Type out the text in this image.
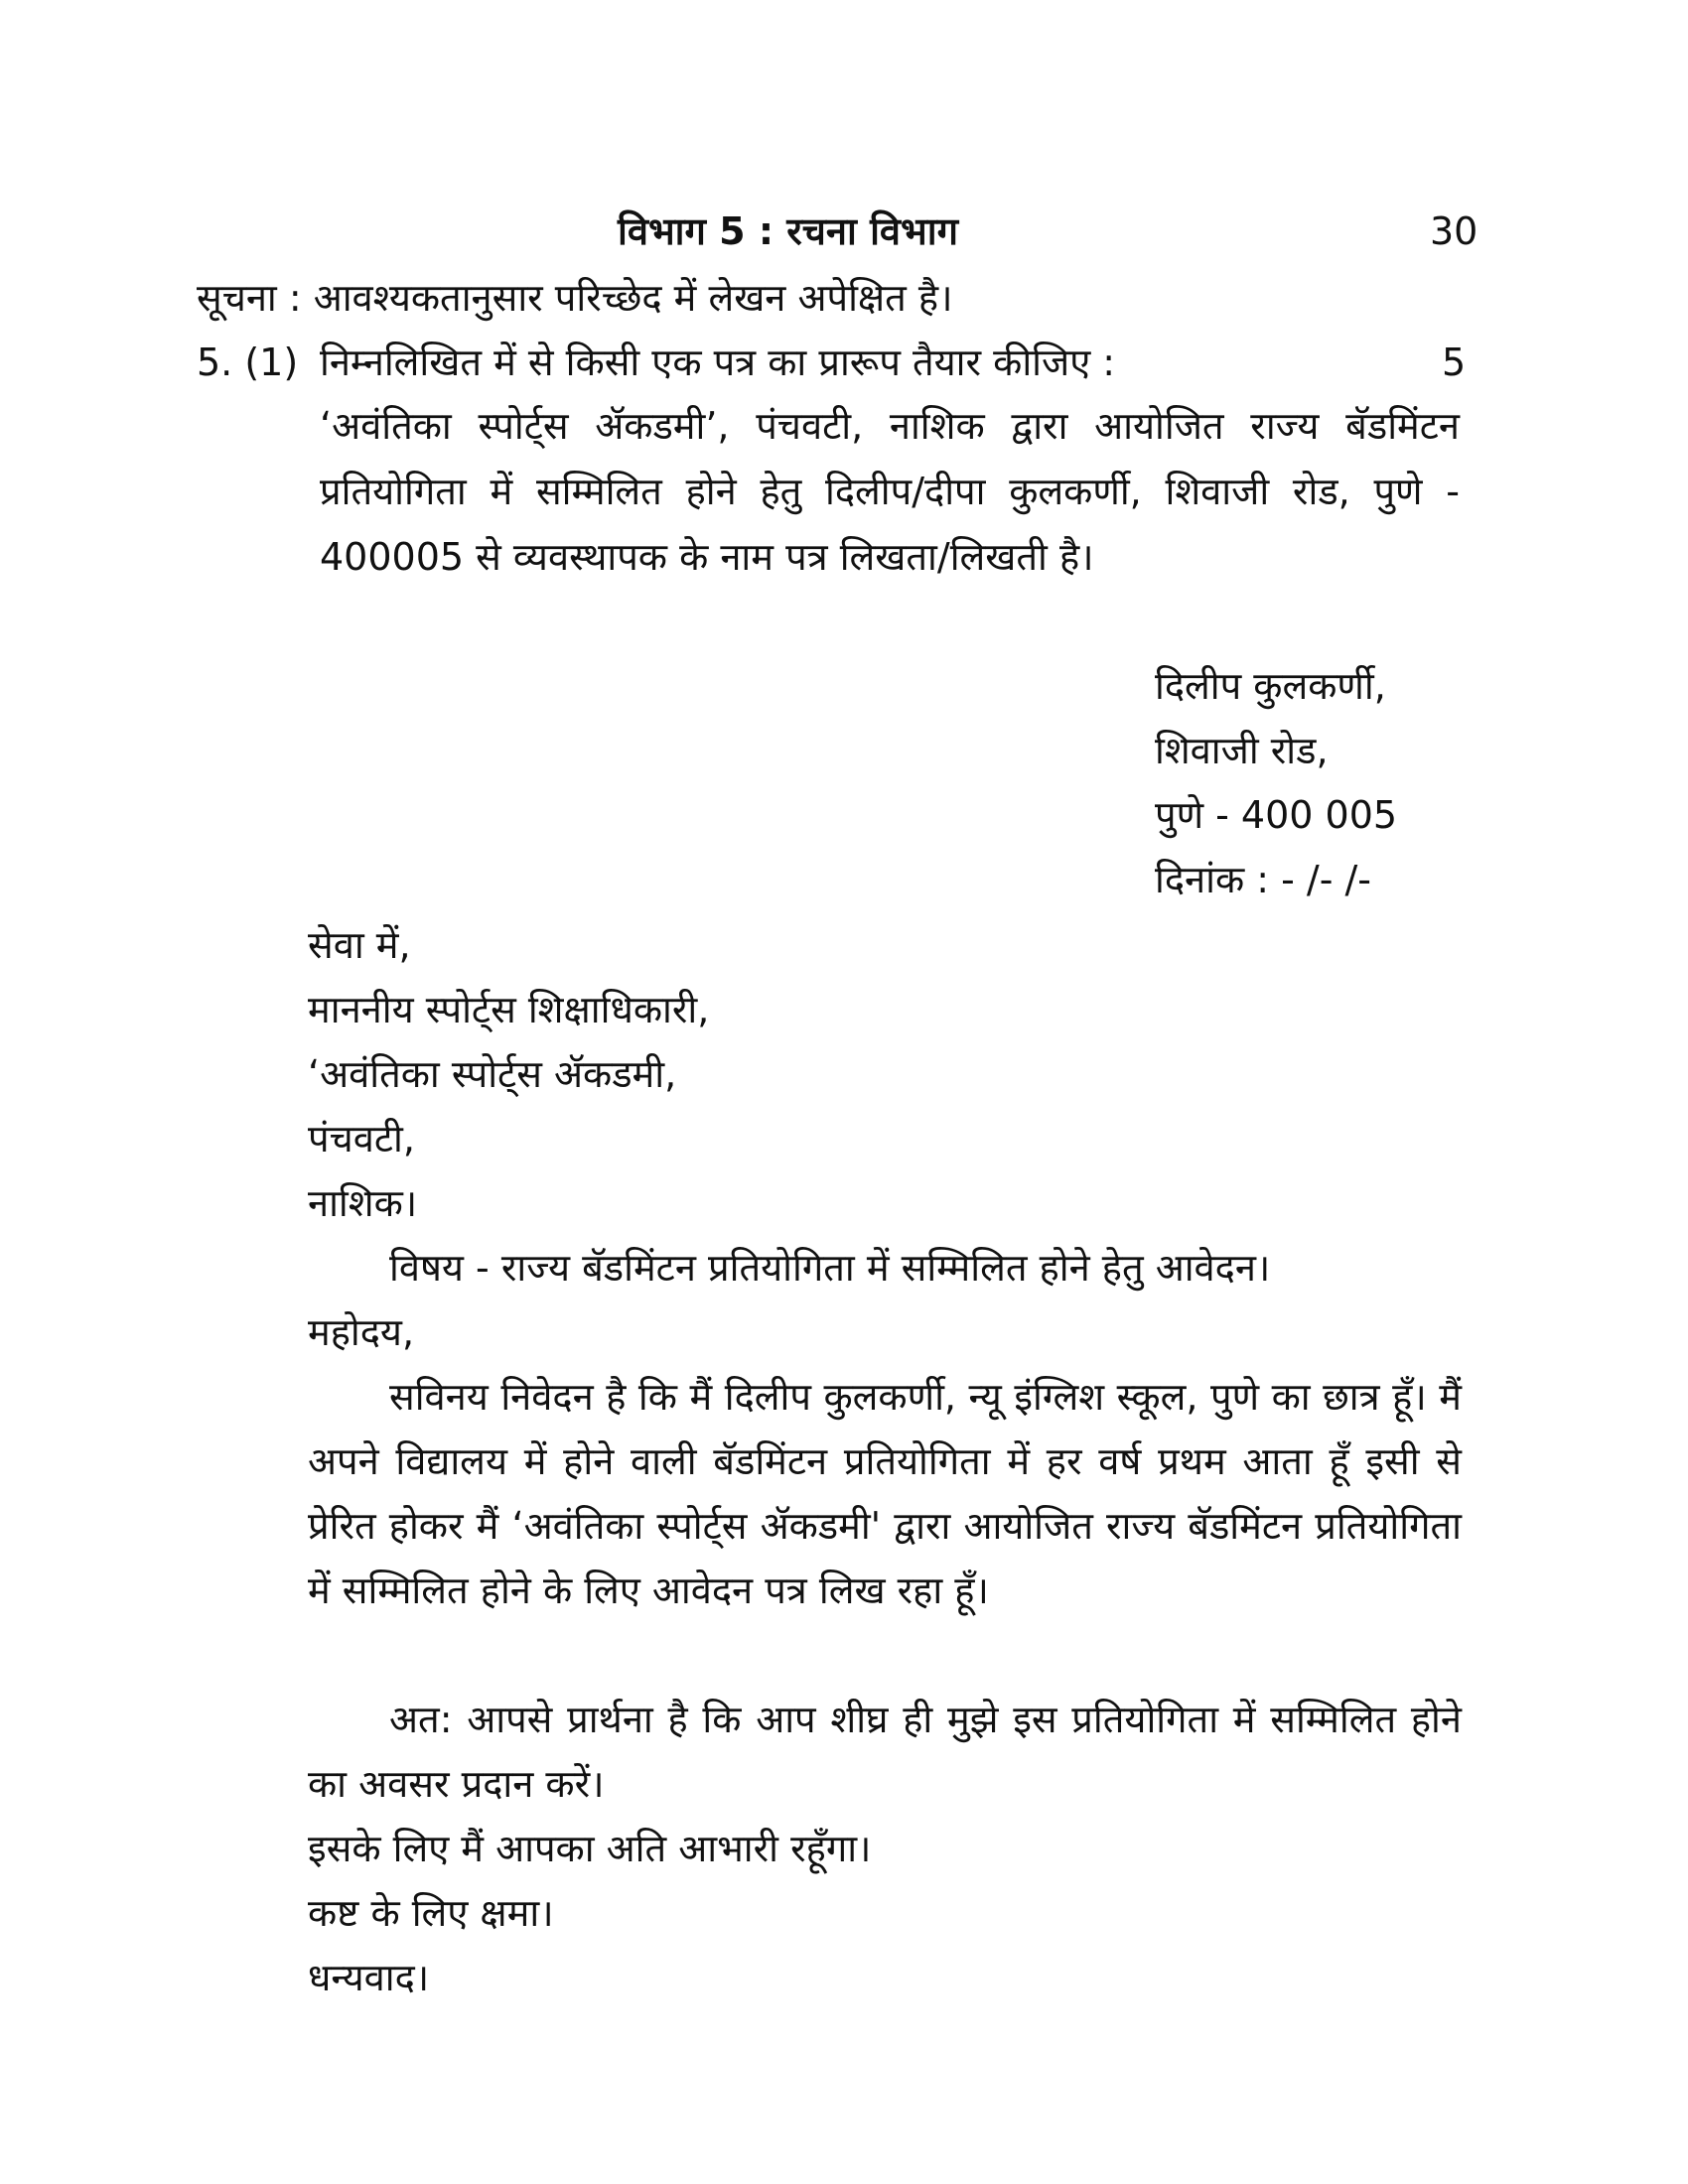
विभाग 5 : रचना विभाग	30
सूचना : आवश्यकतानुसार परिच्छेद में लेखन अपेक्षित है।
5. (1) निम्नलिखित में से किसी एक पत्र का प्रारूप तैयार कीजिए :	5
‘अवंतिका स्पोर्ट्स ॲकडमी’, पंचवटी, नाशिक द्वारा आयोजित राज्य बॅडमिंटन प्रतियोगिता में सम्मिलित होने हेतु दिलीप/दीपा कुलकर्णी, शिवाजी रोड, पुणे - 400005 से व्यवस्थापक के नाम पत्र लिखता/लिखती है।
दिलीप कुलकर्णी,
शिवाजी रोड,
पुणे - 400 005
दिनांक : - /- /-
सेवा में,
माननीय स्पोर्ट्स शिक्षाधिकारी,
‘अवंतिका स्पोर्ट्स ॲकडमी,
पंचवटी,
नाशिक।
विषय - राज्य बॅडमिंटन प्रतियोगिता में सम्मिलित होने हेतु आवेदन।
महोदय,
सविनय निवेदन है कि मैं दिलीप कुलकर्णी, न्यू इंग्लिश स्कूल, पुणे का छात्र हूँ। मैं अपने विद्यालय में होने वाली बॅडमिंटन प्रतियोगिता में हर वर्ष प्रथम आता हूँ इसी से प्रेरित होकर मैं ‘अवंतिका स्पोर्ट्स ॲकडमी' द्वारा आयोजित राज्य बॅडमिंटन प्रतियोगिता में सम्मिलित होने के लिए आवेदन पत्र लिख रहा हूँ।
अत: आपसे प्रार्थना है कि आप शीघ्र ही मुझे इस प्रतियोगिता में सम्मिलित होने का अवसर प्रदान करें।
इसके लिए मैं आपका अति आभारी रहूँगा।
कष्ट के लिए क्षमा।
धन्यवाद।
